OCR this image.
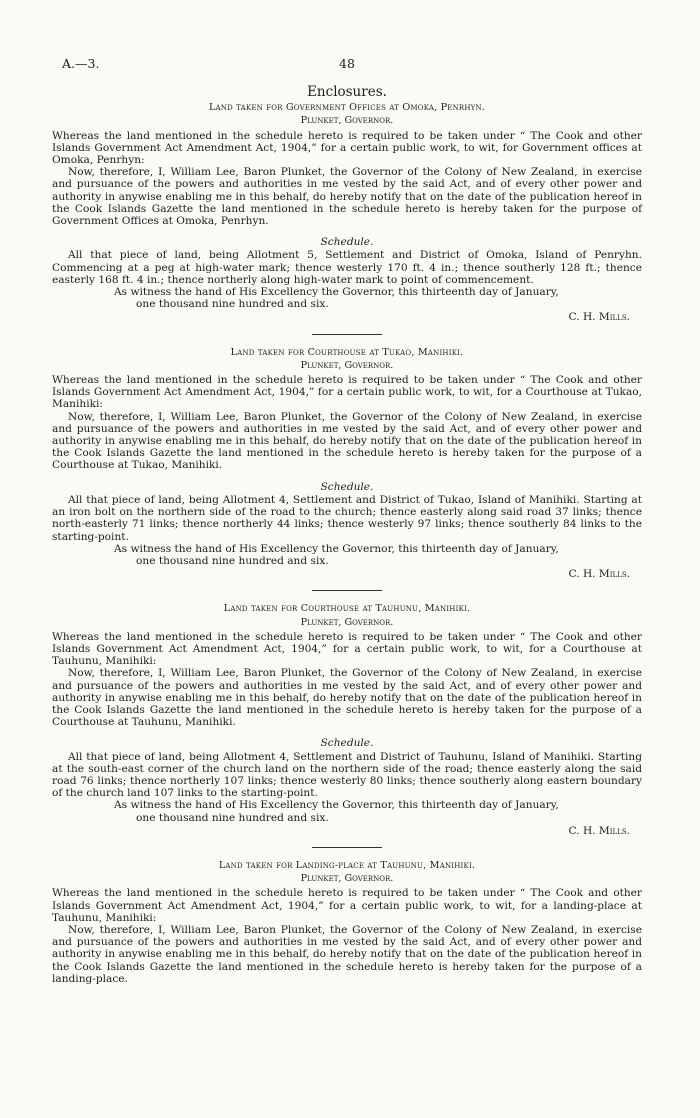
A.—3.	48
Enclosures.
Land taken for Government Offices at Omoka, Penrhyn.
Plunket, Governor.

Whereas the land mentioned in the schedule hereto is required to be taken under “ The Cook and other Islands Government Act Amendment Act, 1904,” for a certain public work, to wit, for Government offices at Omoka, Penrhyn:

Now, therefore, I, William Lee, Baron Plunket, the Governor of the Colony of New Zealand, in exercise and pursuance of the powers and authorities in me vested by the said Act, and of every other power and authority in anywise enabling me in this behalf, do hereby notify that on the date of the publication hereof in the Cook Islands Gazette the land mentioned in the schedule hereto is hereby taken for the purpose of Government Offices at Omoka, Penrhyn.

Schedule.

All that piece of land, being Allotment 5, Settlement and District of Omoka, Island of Penryhn. Commencing at a peg at high-water mark; thence westerly 170 ft. 4 in.; thence southerly 128 ft.; thence easterly 168 ft. 4 in.; thence northerly along high-water mark to point of commencement.

As witness the hand of His Excellency the Governor, this thirteenth day of January,
one thousand nine hundred and six.
C. H. Mills.
Land taken for Courthouse at Tukao, Manihiki.
Plunket, Governor.

Whereas the land mentioned in the schedule hereto is required to be taken under “ The Cook and other Islands Government Act Amendment Act, 1904,” for a certain public work, to wit, for a Courthouse at Tukao, Manihiki:

Now, therefore, I, William Lee, Baron Plunket, the Governor of the Colony of New Zealand, in exercise and pursuance of the powers and authorities in me vested by the said Act, and of every other power and authority in anywise enabling me in this behalf, do hereby notify that on the date of the publication hereof in the Cook Islands Gazette the land mentioned in the schedule hereto is hereby taken for the purpose of a Courthouse at Tukao, Manihiki.

Schedule.

All that piece of land, being Allotment 4, Settlement and District of Tukao, Island of Manihiki. Starting at an iron bolt on the northern side of the road to the church; thence easterly along said road 37 links; thence north-easterly 71 links; thence northerly 44 links; thence westerly 97 links; thence southerly 84 links to the starting-point.

As witness the hand of His Excellency the Governor, this thirteenth day of January,
one thousand nine hundred and six.
C. H. Mills.
Land taken for Courthouse at Tauhunu, Manihiki.
Plunket, Governor.

Whereas the land mentioned in the schedule hereto is required to be taken under “ The Cook and other Islands Government Act Amendment Act, 1904,” for a certain public work, to wit, for a Courthouse at Tauhunu, Manihiki:

Now, therefore, I, William Lee, Baron Plunket, the Governor of the Colony of New Zealand, in exercise and pursuance of the powers and authorities in me vested by the said Act, and of every other power and authority in anywise enabling me in this behalf, do hereby notify that on the date of the publication hereof in the Cook Islands Gazette the land mentioned in the schedule hereto is hereby taken for the purpose of a Courthouse at Tauhunu, Manihiki.

Schedule.

All that piece of land, being Allotment 4, Settlement and District of Tauhunu, Island of Manihiki. Starting at the south-east corner of the church land on the northern side of the road; thence easterly along the said road 76 links; thence northerly 107 links; thence westerly 80 links; thence southerly along eastern boundary of the church land 107 links to the starting-point.

As witness the hand of His Excellency the Governor, this thirteenth day of January,
one thousand nine hundred and six.
C. H. Mills.
Land taken for Landing-place at Tauhunu, Manihiki.
Plunket, Governor.

Whereas the land mentioned in the schedule hereto is required to be taken under “ The Cook and other Islands Government Act Amendment Act, 1904,” for a certain public work, to wit, for a landing-place at Tauhunu, Manihiki:

Now, therefore, I, William Lee, Baron Plunket, the Governor of the Colony of New Zealand, in exercise and pursuance of the powers and authorities in me vested by the said Act, and of every other power and authority in anywise enabling me in this behalf, do hereby notify that on the date of the publication hereof in the Cook Islands Gazette the land mentioned in the schedule hereto is hereby taken for the purpose of a landing-place.
